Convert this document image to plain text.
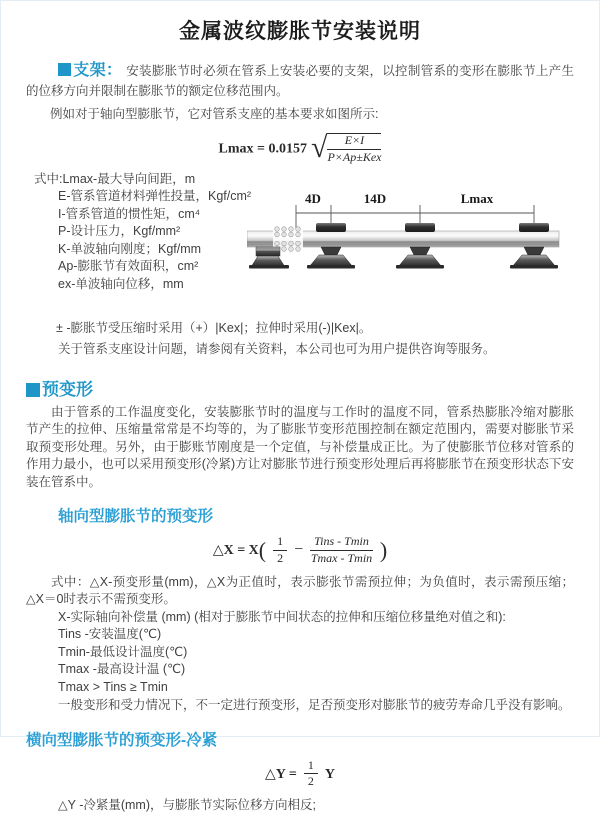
金属波纹膨胀节安装说明

支架： 安装膨胀节时必须在管系上安装必要的支架，以控制管系的变形在膨胀节上产生的位移方向并限制在膨胀节的额定位移范围内。

例如对于轴向型膨胀节，它对管系支座的基本要求如图所示:

Lmax = 0.0157 √ $\frac{E\times I}{\text{P×Ap±Kex}}$
式中:Lmax-最大导向间距，m
E-管系管道材料弹性投量，Kgf/cm²
I-管系管道的惯性矩，cm⁴
P-设计压力，Kgf/mm²
K-单波轴向刚度；Kgf/mm
Ap-膨胀节有效面积，cm²
ex-单波轴向位移，mm
4D	14D	Lmax

± -膨胀节受压缩时采用（+）|Kex|；拉伸时采用(-)|Kex|。

关于管系支座设计问题，请参阅有关资料，本公司也可为用户提供咨询等服务。

预变形

由于管系的工作温度变化，安装膨胀节时的温度与工作时的温度不同，管系热膨胀冷缩对膨胀节产生的拉伸、压缩量常常是不均等的，为了膨胀节变形范围控制在额定范围内，需要对膨胀节采取预变形处理。另外，由于膨账节刚度是一个定值，与补偿量成正比。为了使膨胀节位移对管系的作用力最小，也可以采用预变形(冷紧)方让对膨胀节进行预变形处理后再将膨胀节在预变形状态下安装在管系中。

轴向型膨胀节的预变形
△X = $X( \frac{1}{2} - \frac{\text{Tins - Tmin}}{Tmax - Tmin}$ )

式中：△X-预变形量(mm)，△X为正值时，表示膨张节需预拉伸；为负值时，表示需预压缩；△X＝0时表示不需预变形。

X-实际轴向补偿量 (mm) (相对于膨胀节中间状态的拉伸和压缩位移量绝对值之和):

Tins -安装温度(℃)
Tmin-最低设计温度(℃)
Tmax -最高设计温 (℃)
Tmax > Tins ≥ Tmin

一般变形和受力情况下，不一定进行预变形，足否预变形对膨胀节的疲劳寿命几乎没有影响。

横向型膨胀节的预变形-冷紧
△Y = $\frac{1}{2}$ Y

△Y -冷紧量(mm)，与膨胀节实际位移方向相反;
